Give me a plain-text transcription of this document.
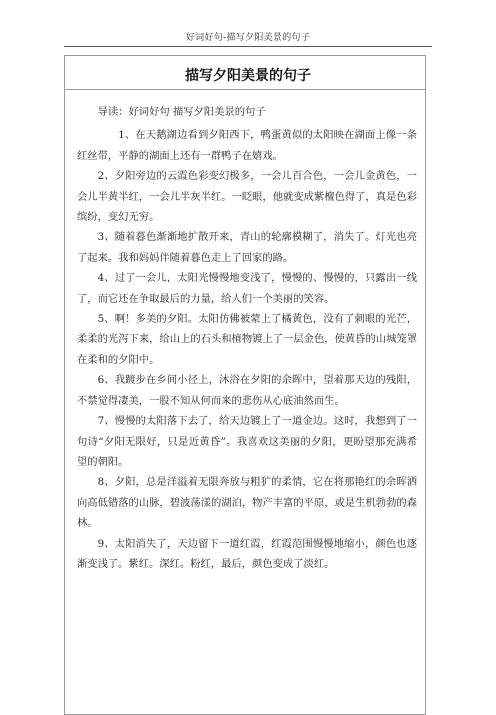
好词好句-描写夕阳美景的句子
描写夕阳美景的句子

导读：好词好句 描写夕阳美景的句子

1、在天鹅湖边看到夕阳西下，鸭蛋黄似的太阳映在湖面上像一条红丝带，平静的湖面上还有一群鸭子在嬉戏。

2、夕阳旁边的云霞色彩变幻极多，一会儿百合色，一会儿金黄色，一会儿半黄半红，一会儿半灰半红。一眨眼，他就变成紫檀色得了，真是色彩缤纷，变幻无穷。

3、随着暮色渐渐地扩散开来，青山的轮廓模糊了，消失了。灯光也亮了起来。我和妈妈伴随着暮色走上了回家的路。

4、过了一会儿，太阳光慢慢地变浅了，慢慢的、慢慢的，只露出一线了，而它还在争取最后的力量，给人们一个美丽的笑容。

5、啊！多美的夕阳。太阳仿佛被蒙上了橘黄色，没有了刺眼的光芒，柔柔的光泻下来，给山上的石头和植物镀上了一层金色，使黄昏的山城笼罩在柔和的夕阳中。

6、我踱步在乡间小径上，沐浴在夕阳的余晖中，望着那天边的残阳，不禁觉得凄美，一股不知从何而来的悲伤从心底油然而生。

7、慢慢的太阳落下去了，给天边镀上了一道金边。这时，我想到了一句诗“夕阳无限好，只是近黄昏”。我喜欢这美丽的夕阳，更盼望那充满希望的朝阳。

8、夕阳，总是洋溢着无限奔放与粗犷的柔情，它在将那艳红的余晖洒向高低错落的山脉，碧波荡漾的湖泊，物产丰富的平原，或是生机勃勃的森林。

9、太阳消失了，天边留下一道红霞，红霞范围慢慢地缩小，颜色也逐渐变浅了。紫红。深红。粉红，最后，颜色变成了淡红。
